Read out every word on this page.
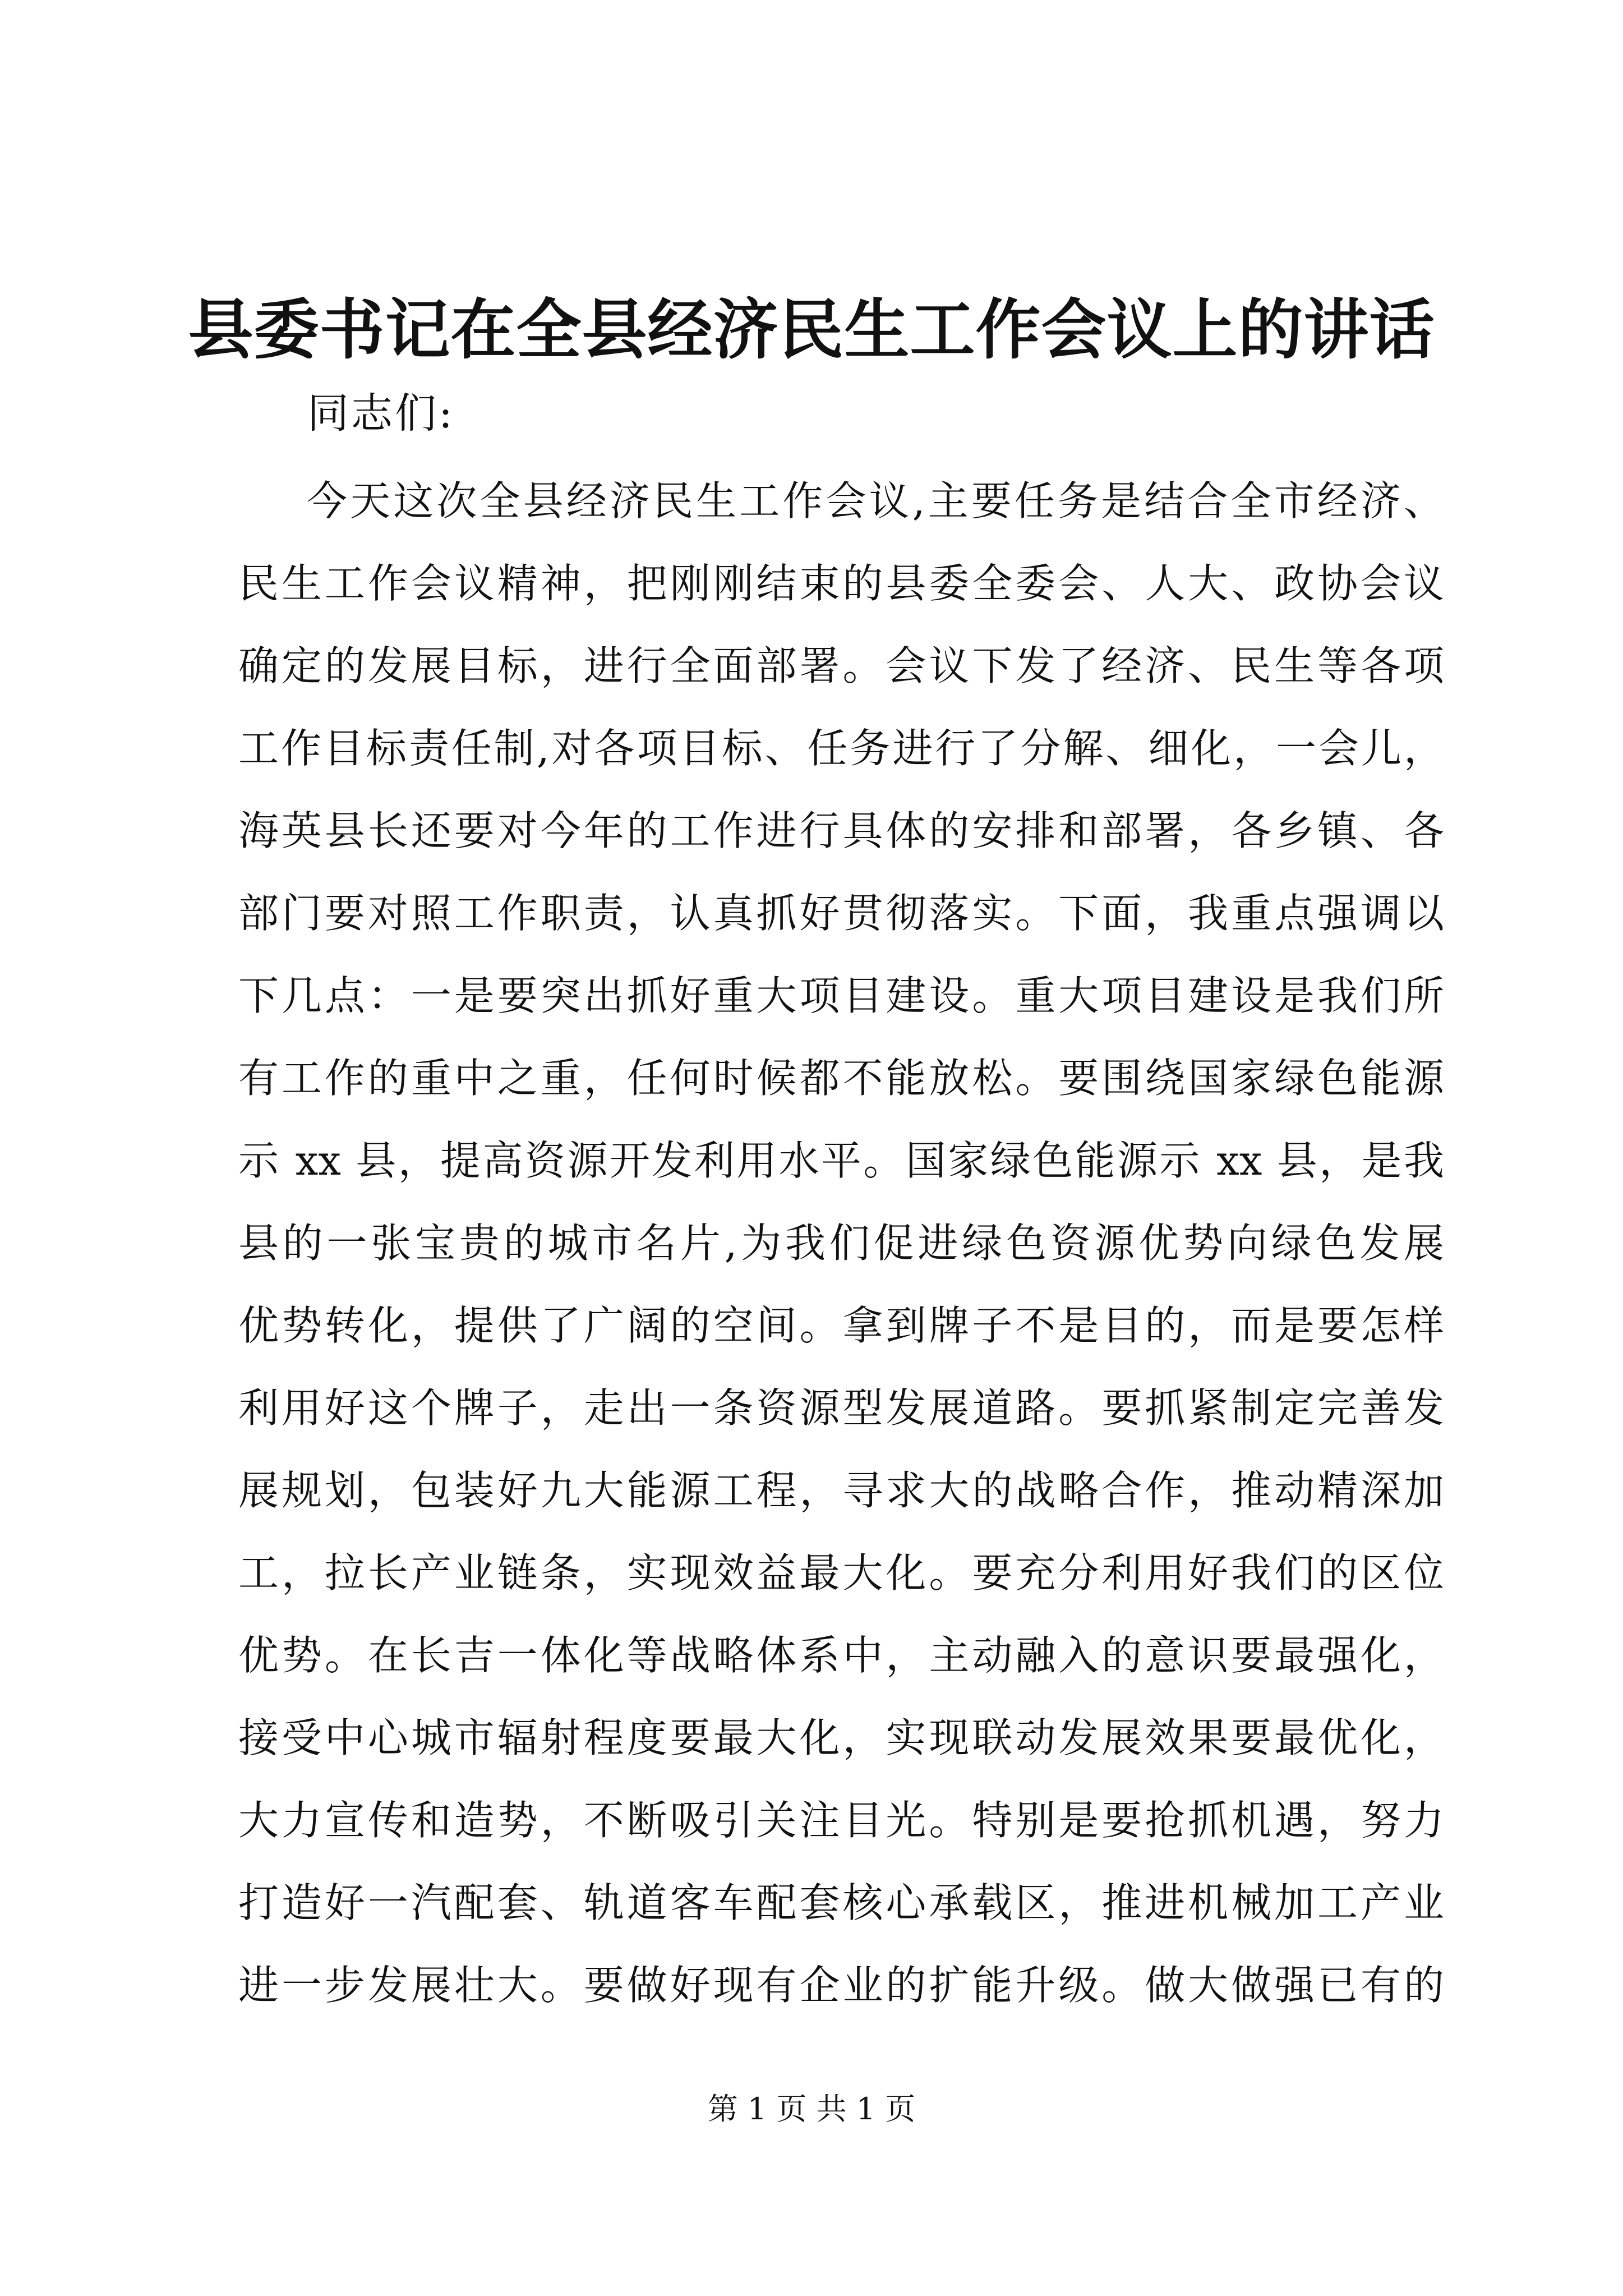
县委书记在全县经济民生工作会议上的讲话
同志们:
今天这次全县经济民生工作会议,主要任务是结合全市经济、
民生工作会议精神，把刚刚结束的县委全委会、人大、政协会议
确定的发展目标，进行全面部署。会议下发了经济、民生等各项
工作目标责任制,对各项目标、任务进行了分解、细化，一会儿，
海英县长还要对今年的工作进行具体的安排和部署，各乡镇、各
部门要对照工作职责，认真抓好贯彻落实。下面，我重点强调以
下几点：一是要突出抓好重大项目建设。重大项目建设是我们所
有工作的重中之重，任何时候都不能放松。要围绕国家绿色能源
示 xx 县，提高资源开发利用水平。国家绿色能源示 xx 县，是我
县的一张宝贵的城市名片,为我们促进绿色资源优势向绿色发展
优势转化，提供了广阔的空间。拿到牌子不是目的，而是要怎样
利用好这个牌子，走出一条资源型发展道路。要抓紧制定完善发
展规划，包装好九大能源工程，寻求大的战略合作，推动精深加
工，拉长产业链条，实现效益最大化。要充分利用好我们的区位
优势。在长吉一体化等战略体系中，主动融入的意识要最强化，
接受中心城市辐射程度要最大化，实现联动发展效果要最优化，
大力宣传和造势，不断吸引关注目光。特别是要抢抓机遇，努力
打造好一汽配套、轨道客车配套核心承载区，推进机械加工产业
进一步发展壮大。要做好现有企业的扩能升级。做大做强已有的
第 1 页 共 1 页
